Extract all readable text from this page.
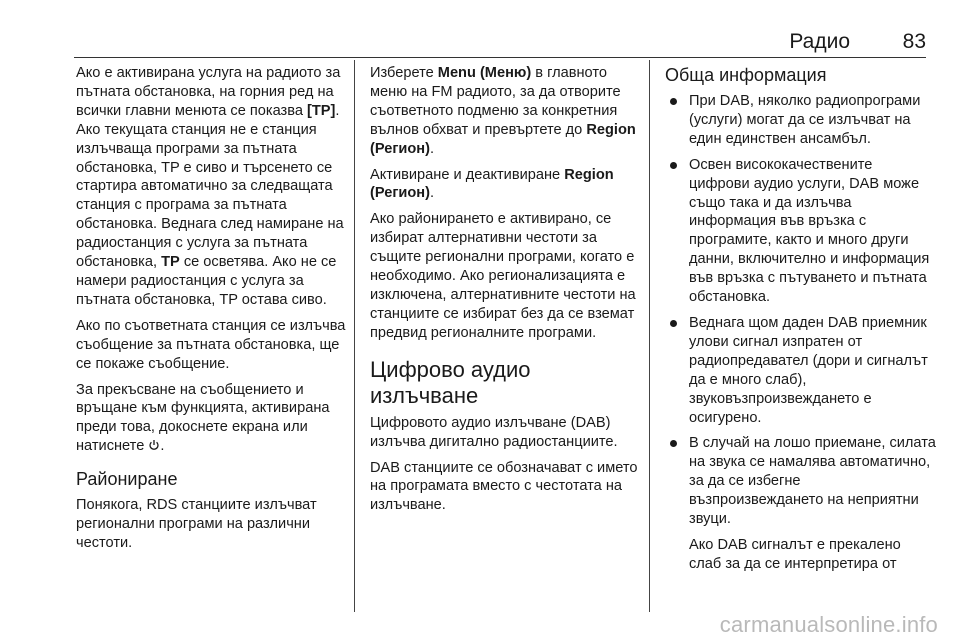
Радио	83

Ако е активирана услуга на радиото за пътната обстановка, на горния ред на всички главни менюта се показва [TP]. Ако текущата станция не е станция излъчваща програми за пътната обстановка, TP е сиво и търсенето се стартира автоматично за следващата станция с програма за пътната обстановка. Веднага след намиране на радиостанция с услуга за пътната обстановка, TP се осветява. Ако не се намери радиостанция с услуга за пътната обстановка, TP остава сиво.

Ако по съответната станция се излъчва съобщение за пътната обстановка, ще се покаже съобщение.

За прекъсване на съобщението и връщане към функцията, активирана преди това, докоснете екрана или натиснете .

Райониране

Понякога, RDS станциите излъчват регионални програми на различни честоти.

Изберете Menu (Меню) в главното меню на FM радиото, за да отворите съответното подменю за конкретния вълнов обхват и превъртете до Region (Регион).

Активиране и деактивиране Region (Регион).

Ако районирането е активирано, се избират алтернативни честоти за същите регионални програми, когато е необходимо. Ако регионализацията е изключена, алтернативните честоти на станциите се избират без да се вземат предвид регионалните програми.

Цифрово аудио излъчване

Цифровото аудио излъчване (DAB) излъчва дигитално радиостанциите.

DAB станциите се обозначават с името на програмата вместо с честотата на излъчване.

Обща информация

При DAB, няколко радиопрограми (услуги) могат да се излъчват на един единствен ансамбъл.

Освен висококачествените цифрови аудио услуги, DAB може също така и да излъчва информация във връзка с програмите, както и много други данни, включително и информация във връзка с пътуването и пътната обстановка.

Веднага щом даден DAB приемник улови сигнал изпратен от радиопредавател (дори и сигналът да е много слаб), звуковъзпроизвеждането е осигурено.

В случай на лошо приемане, силата на звука се намалява автоматично, за да се избегне възпроизвеждането на неприятни звуци.

Ако DAB сигналът е прекалено слаб за да се интерпретира от

carmanualsonline.info
